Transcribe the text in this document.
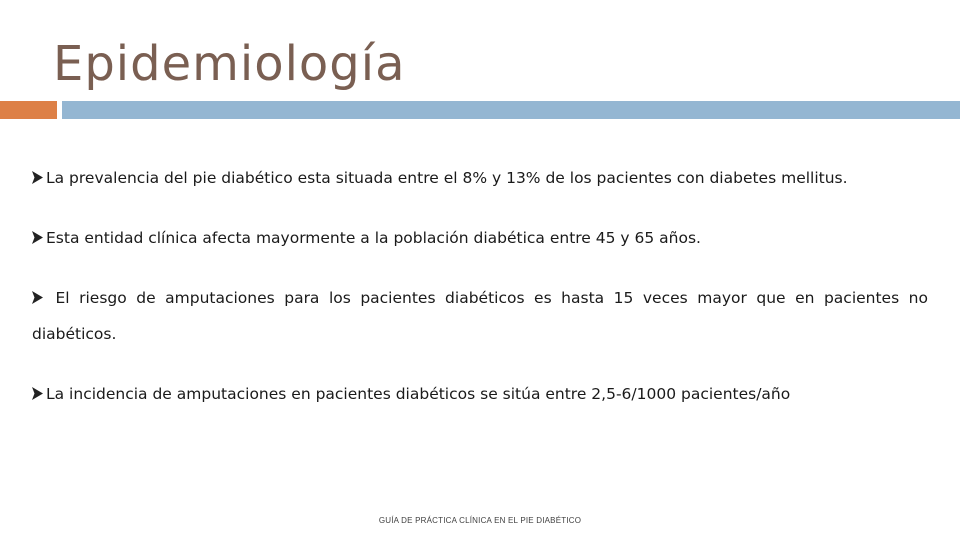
Epidemiología

La prevalencia del pie diabético esta situada entre el 8% y 13% de los pacientes con diabetes mellitus.

Esta entidad clínica afecta mayormente a la población diabética entre 45 y 65 años.

El riesgo de amputaciones para los pacientes diabéticos es hasta 15 veces mayor que en pacientes no diabéticos.

La incidencia de amputaciones en pacientes diabéticos se sitúa entre 2,5-6/1000 pacientes/año

GUÍA DE PRÁCTICA CLÍNICA EN EL PIE DIABÉTICO
